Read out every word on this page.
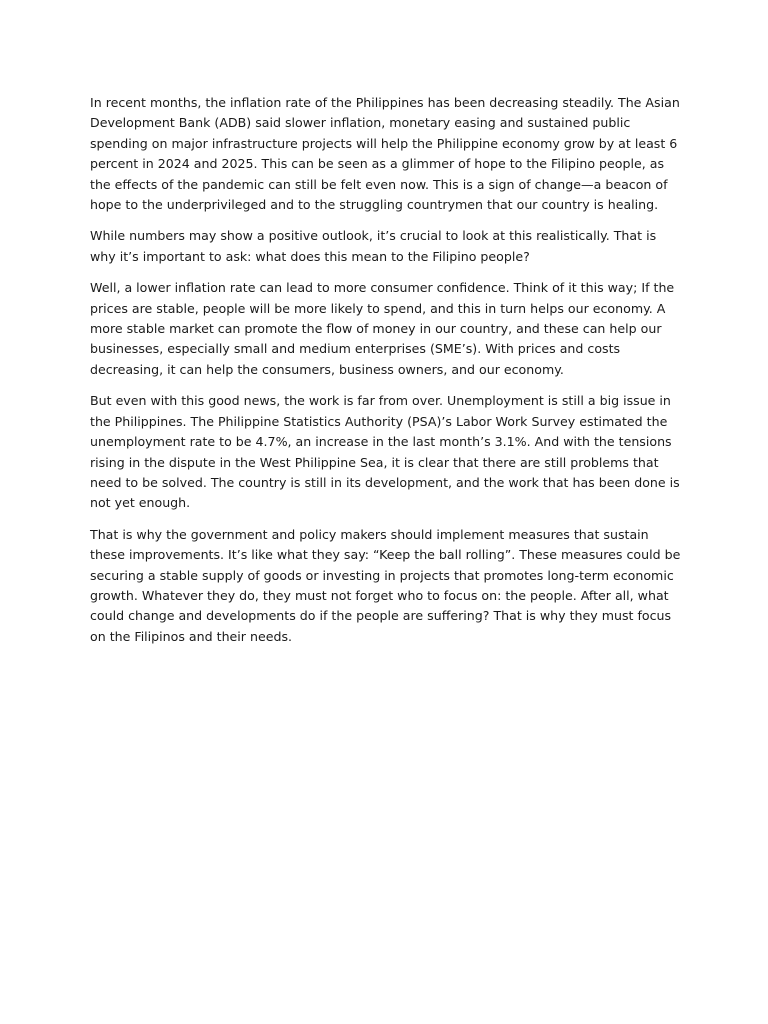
In recent months, the inflation rate of the Philippines has been decreasing steadily. The Asian Development Bank (ADB) said slower inflation, monetary easing and sustained public spending on major infrastructure projects will help the Philippine economy grow by at least 6 percent in 2024 and 2025. This can be seen as a glimmer of hope to the Filipino people, as the effects of the pandemic can still be felt even now. This is a sign of change—a beacon of hope to the underprivileged and to the struggling countrymen that our country is healing.

While numbers may show a positive outlook, it’s crucial to look at this realistically. That is why it’s important to ask: what does this mean to the Filipino people?

Well, a lower inflation rate can lead to more consumer confidence. Think of it this way; If the prices are stable, people will be more likely to spend, and this in turn helps our economy. A more stable market can promote the flow of money in our country, and these can help our businesses, especially small and medium enterprises (SME’s). With prices and costs decreasing, it can help the consumers, business owners, and our economy.

But even with this good news, the work is far from over. Unemployment is still a big issue in the Philippines. The Philippine Statistics Authority (PSA)’s Labor Work Survey estimated the unemployment rate to be 4.7%, an increase in the last month’s 3.1%. And with the tensions rising in the dispute in the West Philippine Sea, it is clear that there are still problems that need to be solved. The country is still in its development, and the work that has been done is not yet enough.

That is why the government and policy makers should implement measures that sustain these improvements. It’s like what they say: “Keep the ball rolling”. These measures could be securing a stable supply of goods or investing in projects that promotes long-term economic growth. Whatever they do, they must not forget who to focus on: the people. After all, what could change and developments do if the people are suffering? That is why they must focus on the Filipinos and their needs.
